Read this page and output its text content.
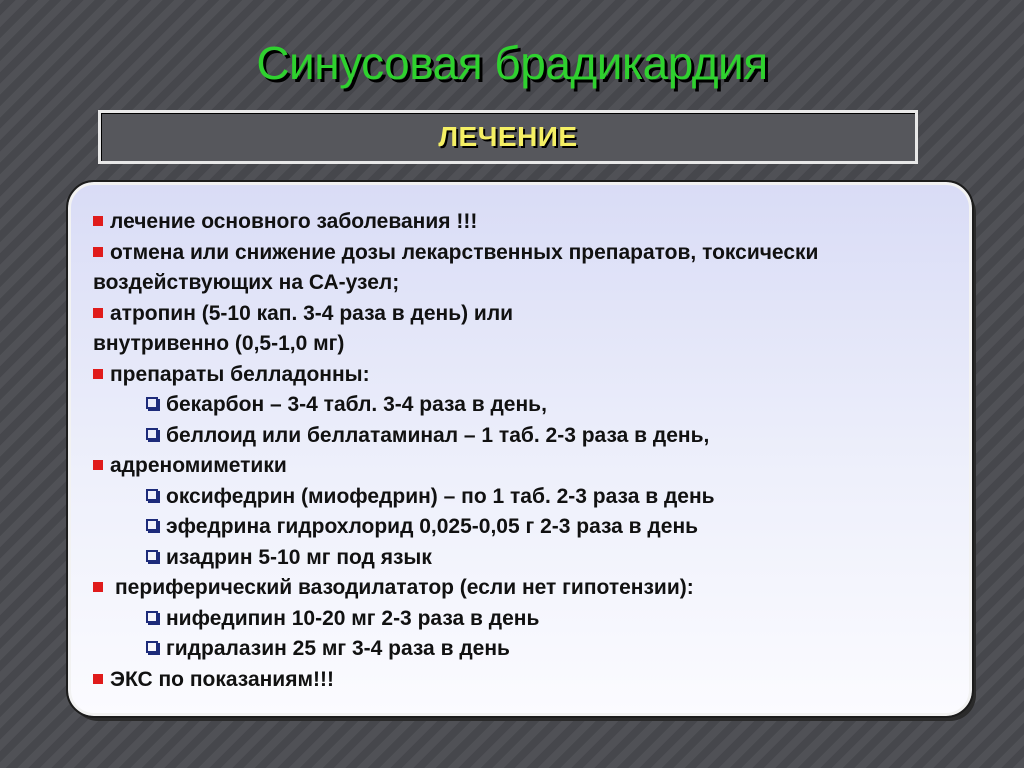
Синусовая брадикардия
ЛЕЧЕНИЕ
лечение основного заболевания !!!
отмена или снижение дозы лекарственных препаратов, токсически воздействующих на СА-узел;
атропин (5-10 кап. 3-4 раза в день) или внутривенно (0,5-1,0 мг)
препараты белладонны:
бекарбон – 3-4 табл. 3-4 раза в день,
беллоид или беллатаминал – 1 таб. 2-3 раза в день,
адреномиметики
оксифедрин (миофедрин) – по 1 таб. 2-3 раза в день
эфедрина гидрохлорид 0,025-0,05 г 2-3 раза в день
изадрин 5-10 мг под язык
периферический вазодилататор (если нет гипотензии):
нифедипин 10-20 мг 2-3 раза в день
гидралазин 25 мг 3-4 раза в день
ЭКС по показаниям!!!
